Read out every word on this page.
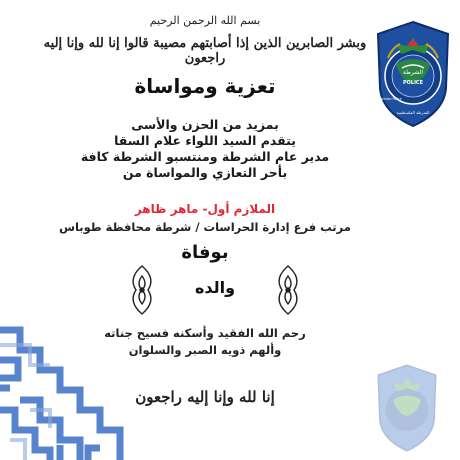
الشرطة
POLICE
Palestinian Police
الشرطة الفلسطينية
بسم الله الرحمن الرحيم
وبشر الصابرين الذين إذا أصابتهم مصيبة قالوا إنا لله وإنا إليه راجعون
تعزية ومواساة
بمزيد من الحزن والأسى
يتقدم السيد اللواء علام السقا
مدير عام الشرطة ومنتسبو الشرطة كافة
بأحر التعازي والمواساة من
الملازم أول- ماهر ظاهر
مرتب فرع إدارة الحراسات / شرطة محافظة طوباس
بوفاة
والده
رحم الله الفقيد وأسكنه فسيح جناته
وألهم ذويه الصبر والسلوان
إنا لله وإنا إليه راجعون
